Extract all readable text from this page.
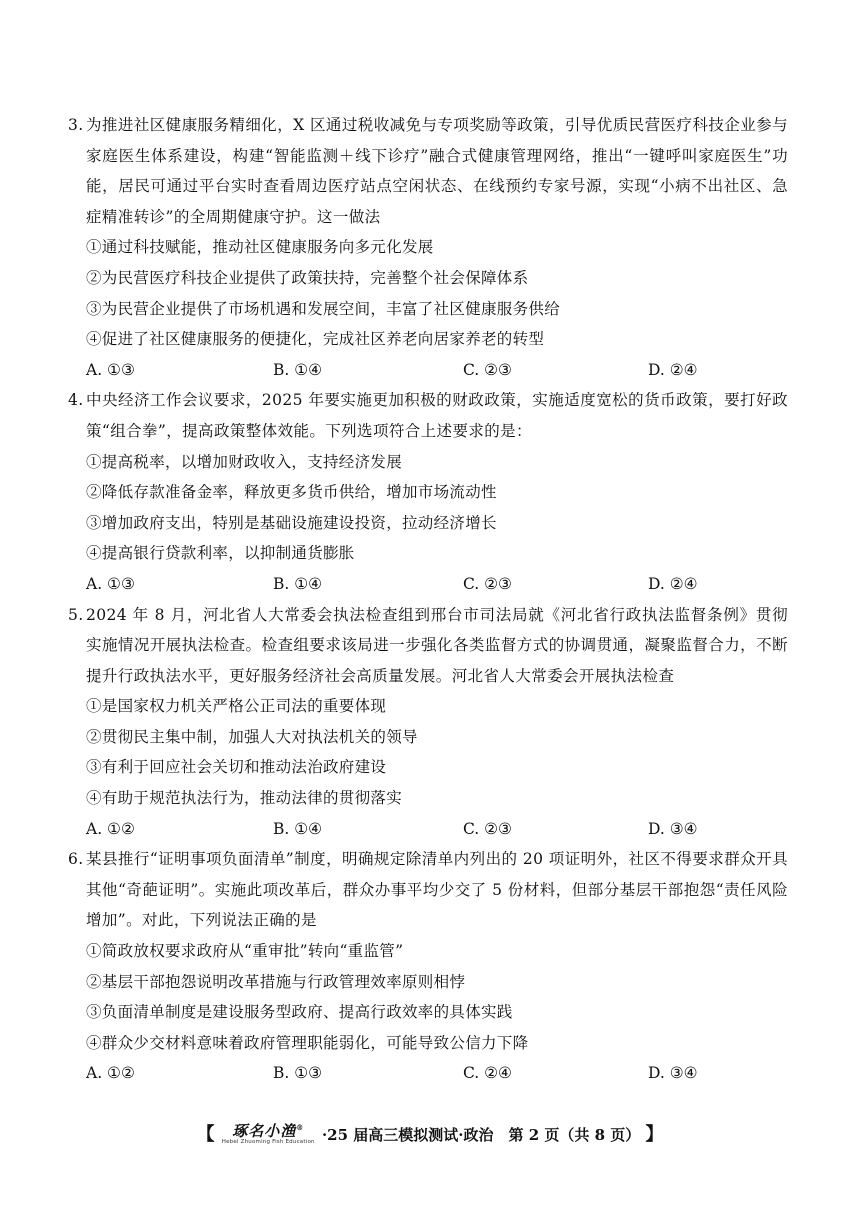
3. 为推进社区健康服务精细化，X 区通过税收减免与专项奖励等政策，引导优质民营医疗科技企业参与家庭医生体系建设，构建“智能监测＋线下诊疗”融合式健康管理网络，推出“一键呼叫家庭医生”功能，居民可通过平台实时查看周边医疗站点空闲状态、在线预约专家号源，实现“小病不出社区、急症精准转诊”的全周期健康守护。这一做法
①通过科技赋能，推动社区健康服务向多元化发展
②为民营医疗科技企业提供了政策扶持，完善整个社会保障体系
③为民营企业提供了市场机遇和发展空间，丰富了社区健康服务供给
④促进了社区健康服务的便捷化，完成社区养老向居家养老的转型
A. ①③	B. ①④	C. ②③	D. ②④
4. 中央经济工作会议要求，2025 年要实施更加积极的财政政策，实施适度宽松的货币政策，要打好政策“组合拳”，提高政策整体效能。下列选项符合上述要求的是：
①提高税率，以增加财政收入，支持经济发展
②降低存款准备金率，释放更多货币供给，增加市场流动性
③增加政府支出，特别是基础设施建设投资，拉动经济增长
④提高银行贷款利率，以抑制通货膨胀
A. ①③	B. ①④	C. ②③	D. ②④
5. 2024 年 8 月，河北省人大常委会执法检查组到邢台市司法局就《河北省行政执法监督条例》贯彻实施情况开展执法检查。检查组要求该局进一步强化各类监督方式的协调贯通，凝聚监督合力，不断提升行政执法水平，更好服务经济社会高质量发展。河北省人大常委会开展执法检查
①是国家权力机关严格公正司法的重要体现
②贯彻民主集中制，加强人大对执法机关的领导
③有利于回应社会关切和推动法治政府建设
④有助于规范执法行为，推动法律的贯彻落实
A. ①②	B. ①④	C. ②③	D. ③④
6. 某县推行“证明事项负面清单”制度，明确规定除清单内列出的 20 项证明外，社区不得要求群众开具其他“奇葩证明”。实施此项改革后，群众办事平均少交了 5 份材料，但部分基层干部抱怨“责任风险增加”。对此，下列说法正确的是
①简政放权要求政府从“重审批”转向“重监管”
②基层干部抱怨说明改革措施与行政管理效率原则相悖
③负面清单制度是建设服务型政府、提高行政效率的具体实践
④群众少交材料意味着政府管理职能弱化，可能导致公信力下降
A. ①②	B. ①③	C. ②④	D. ③④
【	琢名小渔®
Hebei Zhuoming Fish Education ·25 届高三模拟测试·政治　第 2 页（共 8 页） 】
